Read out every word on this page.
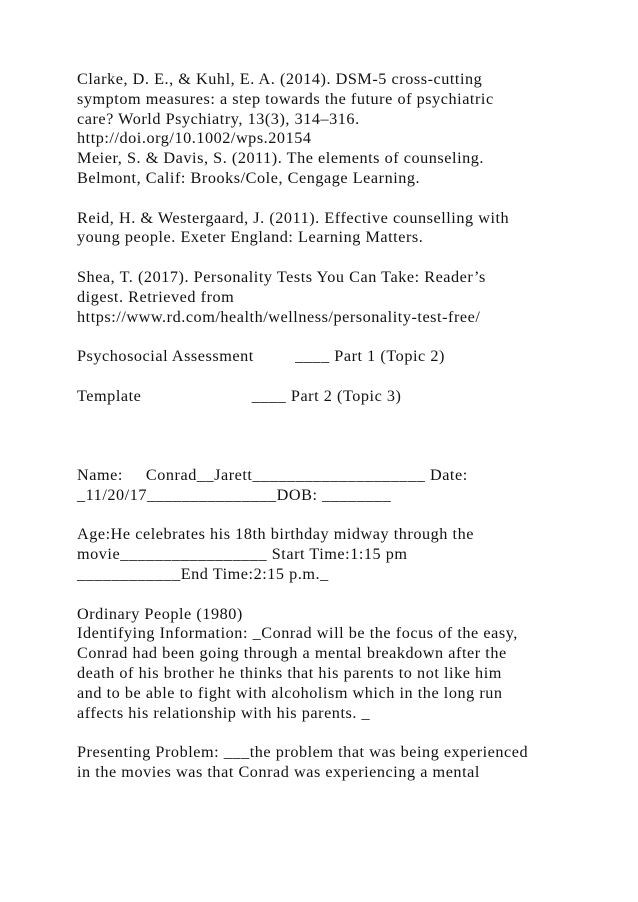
Clarke, D. E., & Kuhl, E. A. (2014). DSM-5 cross-cutting
symptom measures: a step towards the future of psychiatric
care? World Psychiatry, 13(3), 314–316.
http://doi.org/10.1002/wps.20154
Meier, S. & Davis, S. (2011). The elements of counseling.
Belmont, Calif: Brooks/Cole, Cengage Learning.
Reid, H. & Westergaard, J. (2011). Effective counselling with
young people. Exeter England: Learning Matters.
Shea, T. (2017). Personality Tests You Can Take: Reader’s
digest. Retrieved from
https://www.rd.com/health/wellness/personality-test-free/
Psychosocial Assessment         ____ Part 1 (Topic 2)
Template                        ____ Part 2 (Topic 3)
Name:     Conrad__Jarett____________________ Date:
_11/20/17_______________DOB: ________
Age:He celebrates his 18th birthday midway through the
movie_________________ Start Time:1:15 pm
____________End Time:2:15 p.m._
Ordinary People (1980)
Identifying Information: _Conrad will be the focus of the easy,
Conrad had been going through a mental breakdown after the
death of his brother he thinks that his parents to not like him
and to be able to fight with alcoholism which in the long run
affects his relationship with his parents. _
Presenting Problem: ___the problem that was being experienced
in the movies was that Conrad was experiencing a mental
